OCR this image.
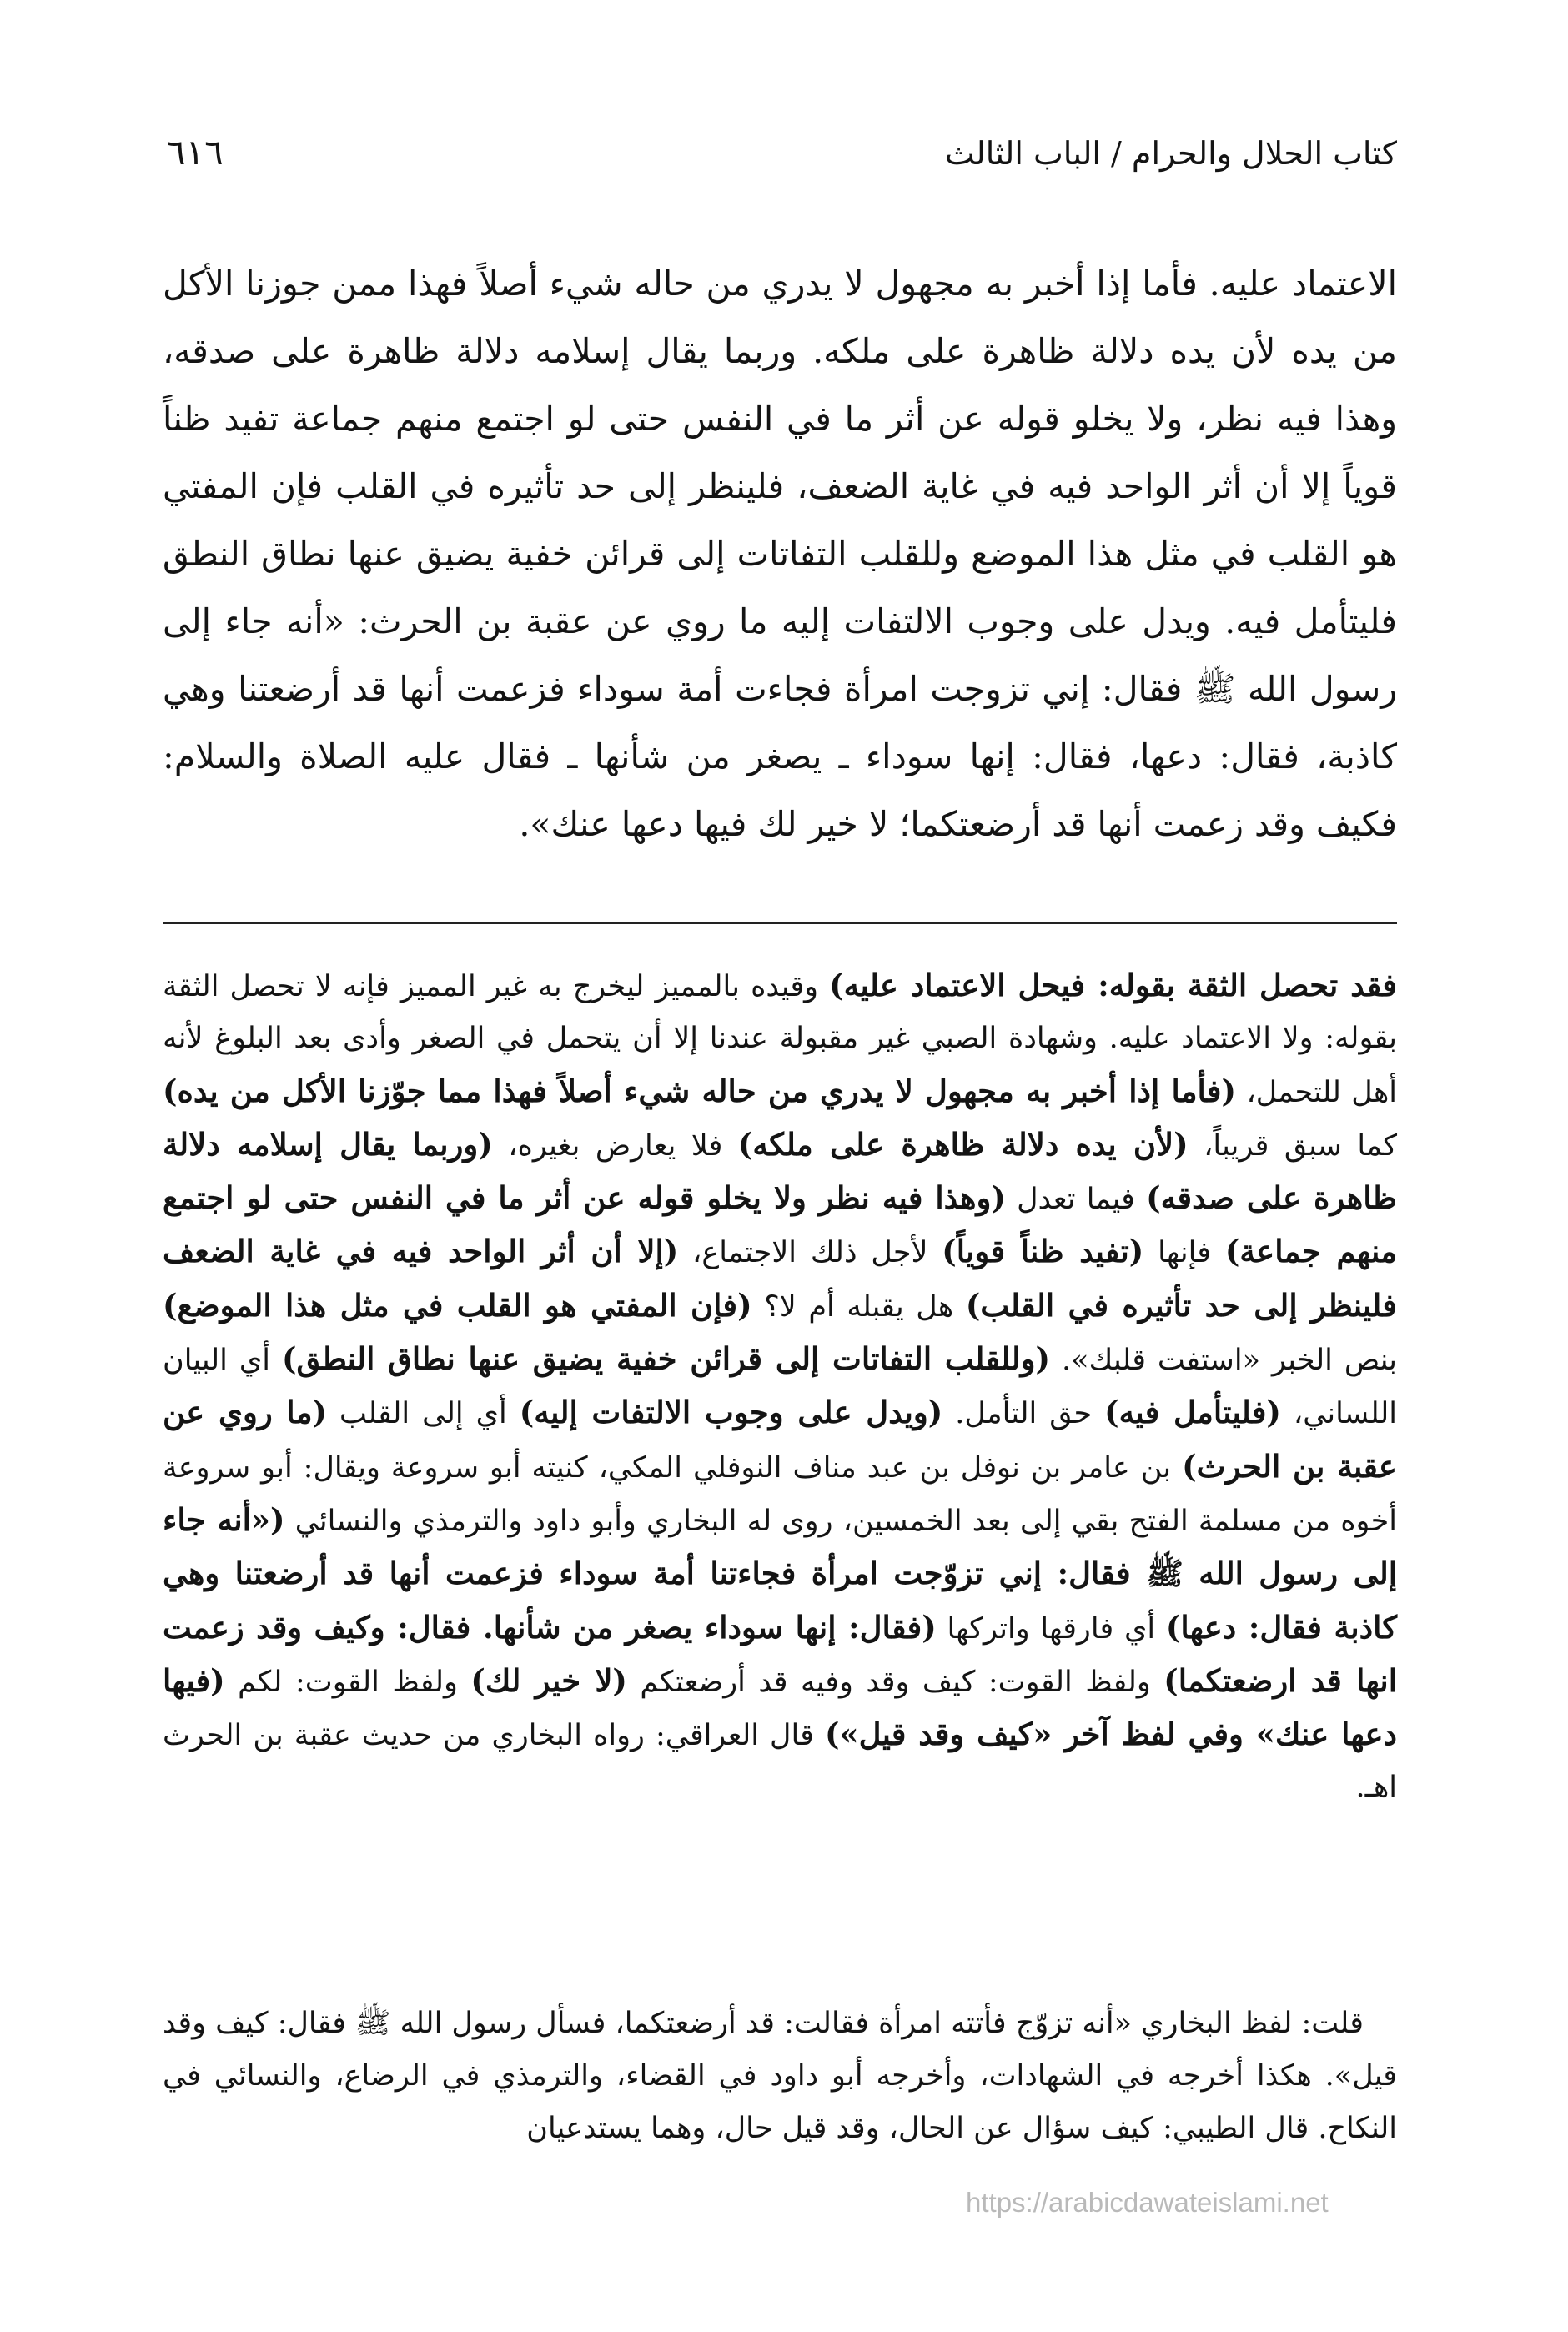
كتاب الحلال والحرام / الباب الثالث
٦١٦

الاعتماد عليه. فأما إذا أخبر به مجهول لا يدري من حاله شيء أصلاً فهذا ممن جوزنا الأكل من يده لأن يده دلالة ظاهرة على ملكه. وربما يقال إسلامه دلالة ظاهرة على صدقه، وهذا فيه نظر، ولا يخلو قوله عن أثر ما في النفس حتى لو اجتمع منهم جماعة تفيد ظناً قوياً إلا أن أثر الواحد فيه في غاية الضعف، فلينظر إلى حد تأثيره في القلب فإن المفتي هو القلب في مثل هذا الموضع وللقلب التفاتات إلى قرائن خفية يضيق عنها نطاق النطق فليتأمل فيه. ويدل على وجوب الالتفات إليه ما روي عن عقبة بن الحرث: «أنه جاء إلى رسول الله ﷺ فقال: إني تزوجت امرأة فجاءت أمة سوداء فزعمت أنها قد أرضعتنا وهي كاذبة، فقال: دعها، فقال: إنها سوداء ـ يصغر من شأنها ـ فقال عليه الصلاة والسلام: فكيف وقد زعمت أنها قد أرضعتكما؛ لا خير لك فيها دعها عنك».

فقد تحصل الثقة بقوله: فيحل الاعتماد عليه) وقيده بالمميز ليخرج به غير المميز فإنه لا تحصل الثقة بقوله: ولا الاعتماد عليه. وشهادة الصبي غير مقبولة عندنا إلا أن يتحمل في الصغر وأدى بعد البلوغ لأنه أهل للتحمل، (فأما إذا أخبر به مجهول لا يدري من حاله شيء أصلاً فهذا مما جوّزنا الأكل من يده) كما سبق قريباً، (لأن يده دلالة ظاهرة على ملكه) فلا يعارض بغيره، (وربما يقال إسلامه دلالة ظاهرة على صدقه) فيما تعدل (وهذا فيه نظر ولا يخلو قوله عن أثر ما في النفس حتى لو اجتمع منهم جماعة) فإنها (تفيد ظناً قوياً) لأجل ذلك الاجتماع، (إلا أن أثر الواحد فيه في غاية الضعف فلينظر إلى حد تأثيره في القلب) هل يقبله أم لا؟ (فإن المفتي هو القلب في مثل هذا الموضع) بنص الخبر «استفت قلبك». (وللقلب التفاتات إلى قرائن خفية يضيق عنها نطاق النطق) أي البيان اللساني، (فليتأمل فيه) حق التأمل. (ويدل على وجوب الالتفات إليه) أي إلى القلب (ما روي عن عقبة بن الحرث) بن عامر بن نوفل بن عبد مناف النوفلي المكي، كنيته أبو سروعة ويقال: أبو سروعة أخوه من مسلمة الفتح بقي إلى بعد الخمسين، روى له البخاري وأبو داود والترمذي والنسائي («أنه جاء إلى رسول الله ﷺ فقال: إني تزوّجت امرأة فجاءتنا أمة سوداء فزعمت أنها قد أرضعتنا وهي كاذبة فقال: دعها) أي فارقها واتركها (فقال: إنها سوداء يصغر من شأنها. فقال: وكيف وقد زعمت انها قد ارضعتكما) ولفظ القوت: كيف وقد وفيه قد أرضعتكم (لا خير لك) ولفظ القوت: لكم (فيها دعها عنك» وفي لفظ آخر «كيف وقد قيل») قال العراقي: رواه البخاري من حديث عقبة بن الحرث اهـ.

قلت: لفظ البخاري «أنه تزوّج فأتته امرأة فقالت: قد أرضعتكما، فسأل رسول الله ﷺ فقال: كيف وقد قيل». هكذا أخرجه في الشهادات، وأخرجه أبو داود في القضاء، والترمذي في الرضاع، والنسائي في النكاح. قال الطيبي: كيف سؤال عن الحال، وقد قيل حال، وهما يستدعيان

https://arabicdawateislami.net
